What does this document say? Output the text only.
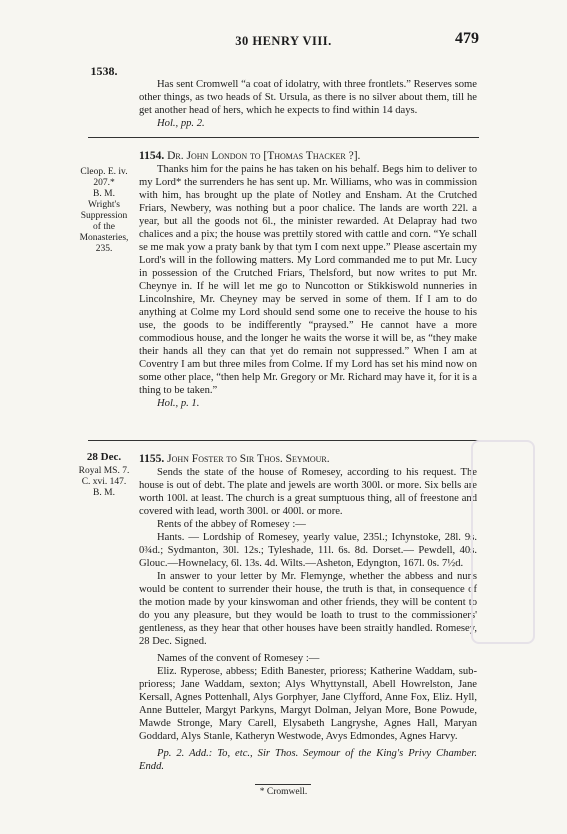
30 HENRY VIII.	479
1538.

Has sent Cromwell “a coat of idolatry, with three frontlets.” Reserves some other things, as two heads of St. Ursula, as there is no silver about them, till he get another head of hers, which he expects to find within 14 days.

Hol., pp. 2.

Cleop. E. iv.
207.*
B. M.
Wright's
Suppression
of the
Monasteries,
235.

1154. Dr. John London to [Thomas Thacker ?].

Thanks him for the pains he has taken on his behalf. Begs him to deliver to my Lord* the surrenders he has sent up. Mr. Williams, who was in commission with him, has brought up the plate of Notley and Ensham. At the Crutched Friars, Newbery, was nothing but a poor chalice. The lands are worth 22l. a year, but all the goods not 6l., the minister rewarded. At Delapray had two chalices and a pix; the house was prettily stored with cattle and corn. “Ye schall se me mak yow a praty bank by that tym I com next uppe.” Please ascertain my Lord's will in the following matters. My Lord commanded me to put Mr. Lucy in possession of the Crutched Friars, Thelsford, but now writes to put Mr. Cheynye in. If he will let me go to Nuncotton or Stikkiswold nunneries in Lincolnshire, Mr. Cheyney may be served in some of them. If I am to do anything at Colme my Lord should send some one to receive the house to his use, the goods to be indifferently “praysed.” He cannot have a more commodious house, and the longer he waits the worse it will be, as “they make their hands all they can that yet do remain not suppressed.” When I am at Coventry I am but three miles from Colme. If my Lord has set his mind now on some other place, “then help Mr. Gregory or Mr. Richard may have it, for it is a thing to be taken.”

Hol., p. 1.

28 Dec.
Royal MS. 7.
C. xvi. 147.
B. M.

1155. John Foster to Sir Thos. Seymour.

Sends the state of the house of Romesey, according to his request. The house is out of debt. The plate and jewels are worth 300l. or more. Six bells are worth 100l. at least. The church is a great sumptuous thing, all of freestone and covered with lead, worth 300l. or 400l. or more.

Rents of the abbey of Romesey :—

Hants. — Lordship of Romesey, yearly value, 235l.; Ichynstoke, 28l. 9s. 0¾d.; Sydmanton, 30l. 12s.; Tyleshade, 11l. 6s. 8d. Dorset.— Pewdell, 40s. Glouc.—Hownelacy, 6l. 13s. 4d. Wilts.—Asheton, Edyngton, 167l. 0s. 7½d.

In answer to your letter by Mr. Flemynge, whether the abbess and nuns would be content to surrender their house, the truth is that, in consequence of the motion made by your kinswoman and other friends, they will be content to do you any pleasure, but they would be loath to trust to the commissioners' gentleness, as they hear that other houses have been straitly handled. Romesey, 28 Dec. Signed.

Names of the convent of Romesey :—

Eliz. Ryperose, abbess; Edith Banester, prioress; Katherine Waddam, sub-prioress; Jane Waddam, sexton; Alys Whyttynstall, Abell Howrelston, Jane Kersall, Agnes Pottenhall, Alys Gorphyer, Jane Clyfford, Anne Fox, Eliz. Hyll, Anne Butteler, Margyt Parkyns, Margyt Dolman, Jelyan More, Bone Powude, Mawde Stronge, Mary Carell, Elysabeth Langryshe, Agnes Hall, Maryan Goddard, Alys Stanle, Katheryn Westwode, Avys Edmondes, Agnes Harvy.

Pp. 2. Add.: To, etc., Sir Thos. Seymour of the King's Privy Chamber. Endd.

* Cromwell.
